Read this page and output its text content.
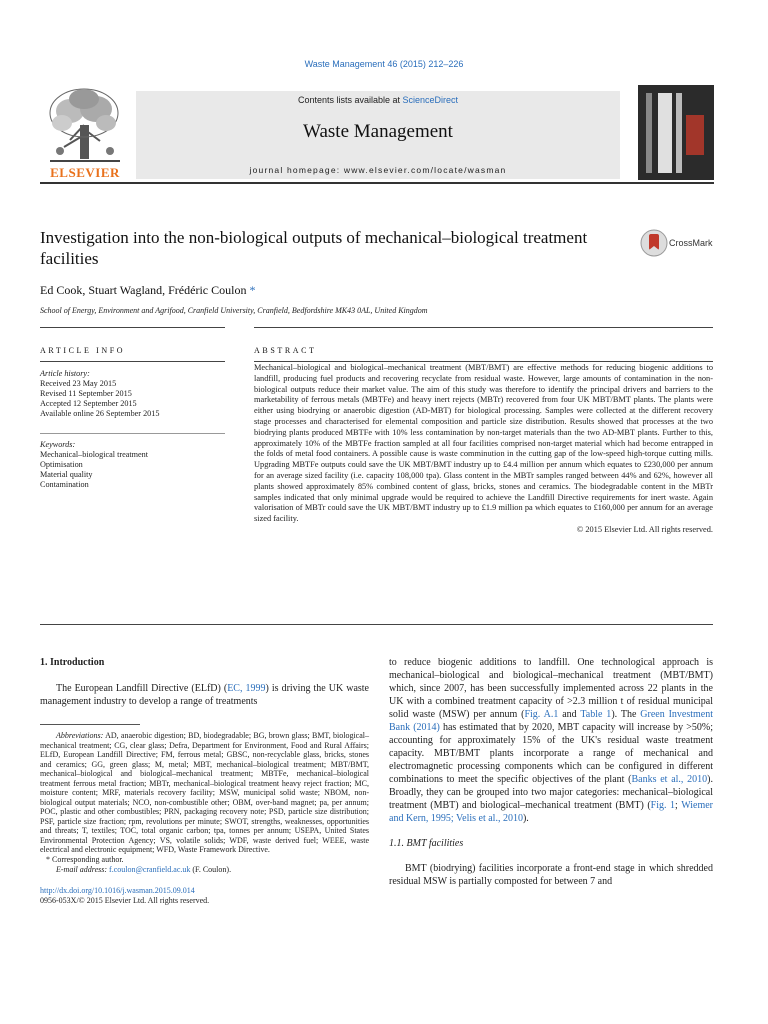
Waste Management 46 (2015) 212–226
ELSEVIER
Contents lists available at ScienceDirect
Waste Management
journal homepage: www.elsevier.com/locate/wasman
Investigation into the non-biological outputs of mechanical–biological treatment facilities
CrossMark
Ed Cook, Stuart Wagland, Frédéric Coulon *
School of Energy, Environment and Agrifood, Cranfield University, Cranfield, Bedfordshire MK43 0AL, United Kingdom
ARTICLE INFO	ABSTRACT
Article history:
Received 23 May 2015
Revised 11 September 2015
Accepted 12 September 2015
Available online 26 September 2015
Keywords:
Mechanical–biological treatment
Optimisation
Material quality
Contamination
Mechanical–biological and biological–mechanical treatment (MBT/BMT) are effective methods for reducing biogenic additions to landfill, producing fuel products and recovering recyclate from residual waste. However, large amounts of contamination in the non-biological outputs reduce their market value. The aim of this study was therefore to identify the principal drivers and barriers to the marketability of ferrous metals (MBTFe) and heavy inert rejects (MBTr) recovered from four UK MBT/BMT plants. The plants were either using biodrying or anaerobic digestion (AD-MBT) for biological processing. Samples were collected at the different recovery stage processes and characterised for elemental composition and particle size distribution. Results showed that processes at the two biodrying plants produced MBTFe with 10% less contamination by non-target materials than the two AD-MBT plants. Further to this, approximately 10% of the MBTFe fraction sampled at all four facilities comprised non-target material which had become entrapped in the folds of metal food containers. A possible cause is waste comminution in the cutting gap of the low-speed high-torque cutting mills. Upgrading MBTFe outputs could save the UK MBT/BMT industry up to £4.4 million per annum which equates to £230,000 per annum for an average sized facility (i.e. capacity 108,000 tpa). Glass content in the MBTr samples ranged between 44% and 62%, however all plants showed approximately 85% combined content of glass, bricks, stones and ceramics. The biodegradable content in the MBTr samples indicated that only minimal upgrade would be required to achieve the Landfill Directive requirements for inert waste. Again valorisation of MBTr could save the UK MBT/BMT industry up to £1.9 million pa which equates to £160,000 per annum for an average sized facility.
© 2015 Elsevier Ltd. All rights reserved.
1. Introduction
The European Landfill Directive (ELfD) (EC, 1999) is driving the UK waste management industry to develop a range of treatments
Abbreviations: AD, anaerobic digestion; BD, biodegradable; BG, brown glass; BMT, biological–mechanical treatment; CG, clear glass; Defra, Department for Environment, Food and Rural Affairs; ELfD, European Landfill Directive; FM, ferrous metal; GBSC, non-recyclable glass, bricks, stones and ceramics; GG, green glass; M, metal; MBT, mechanical–biological treatment; MBT/BMT, mechanical–biological and biological–mechanical treatment; MBTFe, mechanical–biological treatment ferrous metal fraction; MBTr, mechanical–biological treatment heavy reject fraction; MC, moisture content; MRF, materials recovery facility; MSW, municipal solid waste; NBOM, non-biological output materials; NCO, non-combustible other; OBM, over-band magnet; pa, per annum; POC, plastic and other combustibles; PRN, packaging recovery note; PSD, particle size distribution; PSF, particle size fraction; rpm, revolutions per minute; SWOT, strengths, weaknesses, opportunities and threats; T, textiles; TOC, total organic carbon; tpa, tonnes per annum; USEPA, United States Environmental Protection Agency; VS, volatile solids; WDF, waste derived fuel; WEEE, waste electrical and electronic equipment; WFD, Waste Framework Directive.
* Corresponding author.
E-mail address: f.coulon@cranfield.ac.uk (F. Coulon).
http://dx.doi.org/10.1016/j.wasman.2015.09.014
0956-053X/© 2015 Elsevier Ltd. All rights reserved.
to reduce biogenic additions to landfill. One technological approach is mechanical–biological and biological–mechanical treatment (MBT/BMT) which, since 2007, has been successfully implemented across 22 plants in the UK with a combined treatment capacity of >2.3 million t of residual municipal solid waste (MSW) per annum (Fig. A.1 and Table 1). The Green Investment Bank (2014) has estimated that by 2020, MBT capacity will increase by >50%; accounting for approximately 15% of the UK's residual waste treatment capacity. MBT/BMT plants incorporate a range of mechanical and electromagnetic processing components which can be configured in different combinations to meet the specific objectives of the plant (Banks et al., 2010). Broadly, they can be grouped into two major categories: mechanical–biological treatment (MBT) and biological–mechanical treatment (BMT) (Fig. 1; Wiemer and Kern, 1995; Velis et al., 2010).
1.1. BMT facilities
BMT (biodrying) facilities incorporate a front-end stage in which shredded residual MSW is partially composted for between 7 and
